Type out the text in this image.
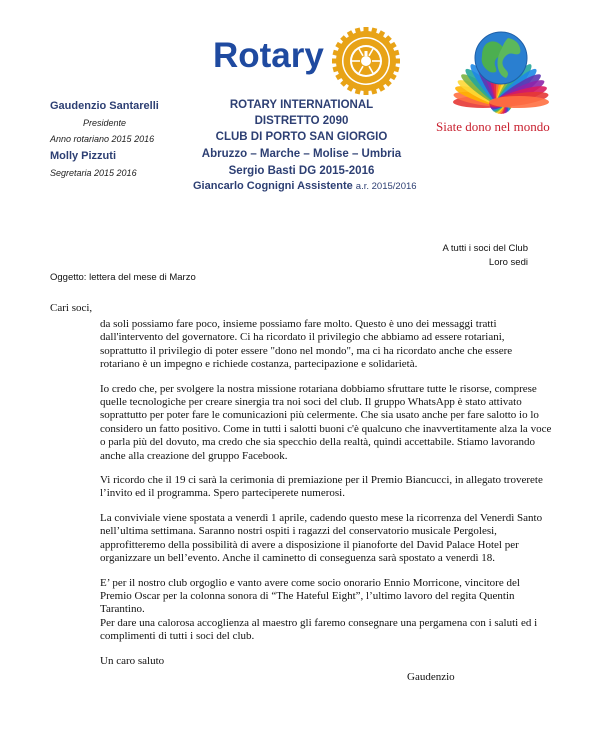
Rotary
Siate dono nel mondo
Gaudenzio Santarelli
Presidente
Anno rotariano 2015 2016
Molly Pizzuti
Segretaria 2015 2016
ROTARY INTERNATIONAL
DISTRETTO 2090
CLUB DI PORTO SAN GIORGIO
Abruzzo – Marche – Molise – Umbria
Sergio Basti DG 2015-2016
Giancarlo Cognigni Assistente a.r. 2015/2016
A tutti i soci del Club
Loro sedi
Oggetto: lettera del mese di Marzo
Cari soci,
da soli possiamo fare poco, insieme possiamo fare molto. Questo è uno dei messaggi tratti
dall'intervento del governatore. Ci ha ricordato il privilegio che abbiamo ad essere rotariani,
soprattutto il privilegio di poter essere "dono nel mondo", ma ci ha ricordato anche che essere
rotariano è un impegno e richiede costanza, partecipazione e solidarietà.
Io credo che, per svolgere la nostra missione rotariana dobbiamo sfruttare tutte le risorse, comprese
quelle tecnologiche per creare sinergia tra noi soci del club. Il gruppo WhatsApp è stato attivato
soprattutto per poter fare le comunicazioni più celermente. Che sia usato anche per fare salotto io lo
considero un fatto positivo. Come in tutti i salotti buoni c'è qualcuno che inavvertitamente alza la voce
o parla più del dovuto, ma credo che sia specchio della realtà, quindi accettabile. Stiamo lavorando
anche alla creazione del gruppo Facebook.
Vi ricordo che il 19 ci sarà la cerimonia di premiazione per il Premio Biancucci, in allegato troverete
l’invito ed il programma. Spero parteciperete numerosi.
La conviviale viene spostata a venerdì 1 aprile, cadendo questo mese la ricorrenza del Venerdì Santo
nell’ultima settimana. Saranno nostri ospiti i ragazzi del conservatorio musicale Pergolesi,
approfitteremo della possibilità di avere a disposizione il pianoforte del David Palace Hotel per
organizzare un bell’evento. Anche il caminetto di conseguenza sarà spostato a venerdì 18.
E’ per il nostro club orgoglio e vanto avere come socio onorario Ennio Morricone, vincitore del
Premio Oscar per la colonna sonora di “The Hateful Eight”, l’ultimo lavoro del regita Quentin
Tarantino.
Per dare una calorosa accoglienza al maestro gli faremo consegnare una pergamena con i saluti ed i
complimenti di tutti i soci del club.
Un caro saluto
Gaudenzio
